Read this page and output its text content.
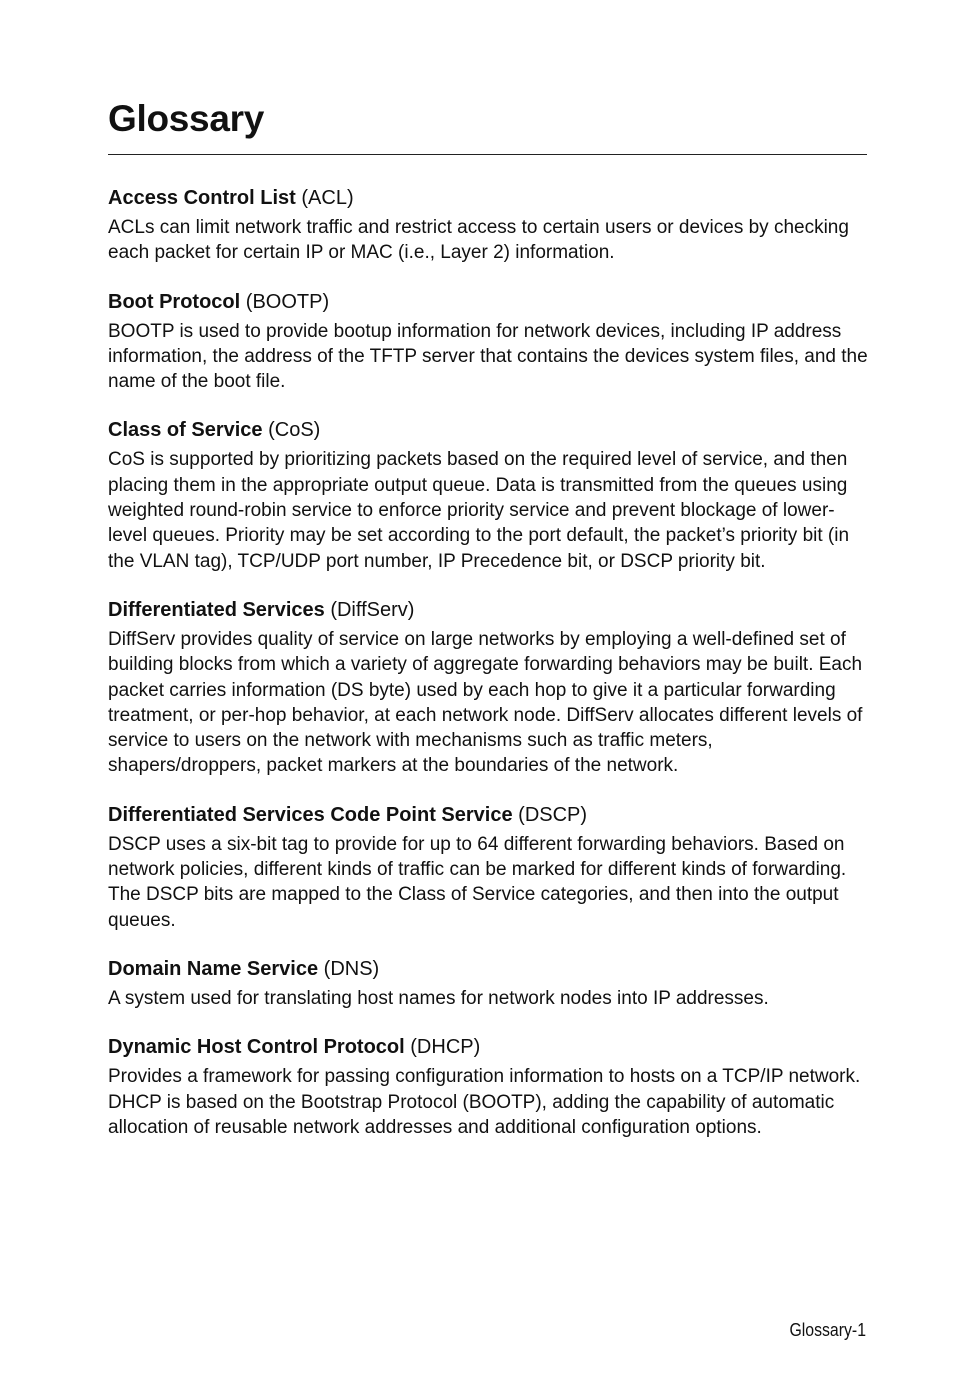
Glossary

Access Control List (ACL)

ACLs can limit network traffic and restrict access to certain users or devices by checking each packet for certain IP or MAC (i.e., Layer 2) information.

Boot Protocol (BOOTP)

BOOTP is used to provide bootup information for network devices, including IP address information, the address of the TFTP server that contains the devices system files, and the name of the boot file.

Class of Service (CoS)

CoS is supported by prioritizing packets based on the required level of service, and then placing them in the appropriate output queue. Data is transmitted from the queues using weighted round-robin service to enforce priority service and prevent blockage of lower-level queues. Priority may be set according to the port default, the packet’s priority bit (in the VLAN tag), TCP/UDP port number, IP Precedence bit, or DSCP priority bit.

Differentiated Services (DiffServ)

DiffServ provides quality of service on large networks by employing a well-defined set of building blocks from which a variety of aggregate forwarding behaviors may be built. Each packet carries information (DS byte) used by each hop to give it a particular forwarding treatment, or per-hop behavior, at each network node. DiffServ allocates different levels of service to users on the network with mechanisms such as traffic meters, shapers/droppers, packet markers at the boundaries of the network.

Differentiated Services Code Point Service (DSCP)

DSCP uses a six-bit tag to provide for up to 64 different forwarding behaviors. Based on network policies, different kinds of traffic can be marked for different kinds of forwarding. The DSCP bits are mapped to the Class of Service categories, and then into the output queues.

Domain Name Service (DNS)

A system used for translating host names for network nodes into IP addresses.

Dynamic Host Control Protocol (DHCP)

Provides a framework for passing configuration information to hosts on a TCP/IP network. DHCP is based on the Bootstrap Protocol (BOOTP), adding the capability of automatic allocation of reusable network addresses and additional configuration options.

Glossary-1
